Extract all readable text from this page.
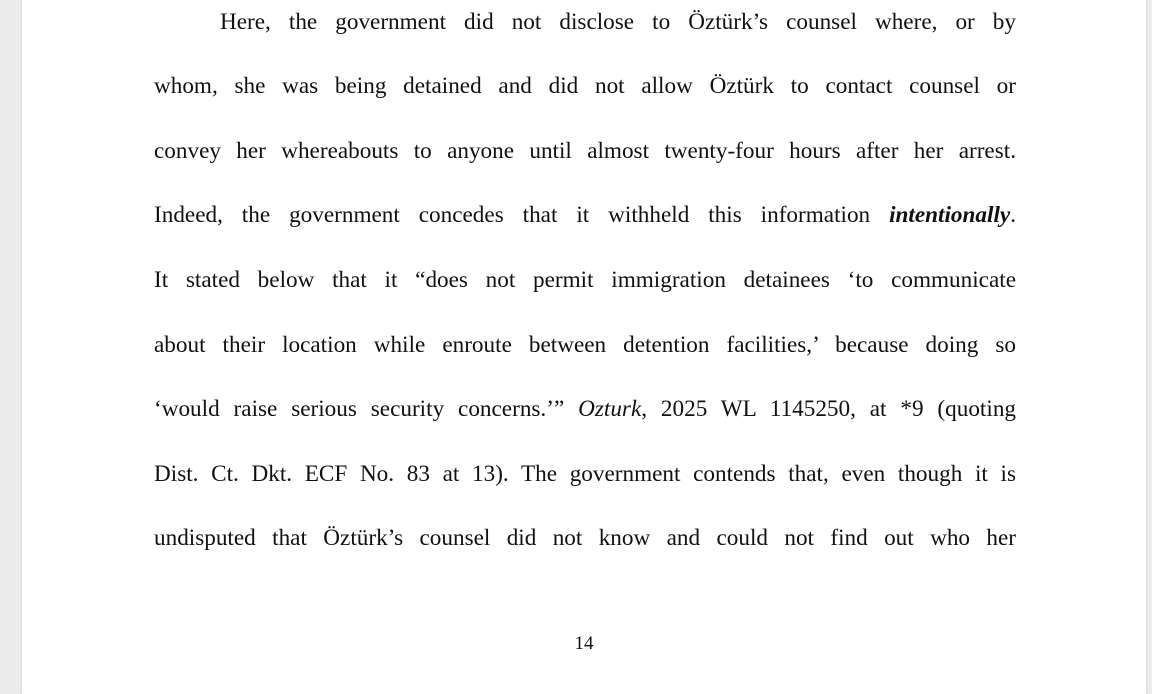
Here, the government did not disclose to Öztürk’s counsel where, or by
whom, she was being detained and did not allow Öztürk to contact counsel or
convey her whereabouts to anyone until almost twenty-four hours after her arrest.
Indeed, the government concedes that it withheld this information intentionally.
It stated below that it “does not permit immigration detainees ‘to communicate
about their location while enroute between detention facilities,’ because doing so
‘would raise serious security concerns.’” Ozturk, 2025 WL 1145250, at *9 (quoting
Dist. Ct. Dkt. ECF No. 83 at 13). The government contends that, even though it is
undisputed that Öztürk’s counsel did not know and could not find out who her
14
